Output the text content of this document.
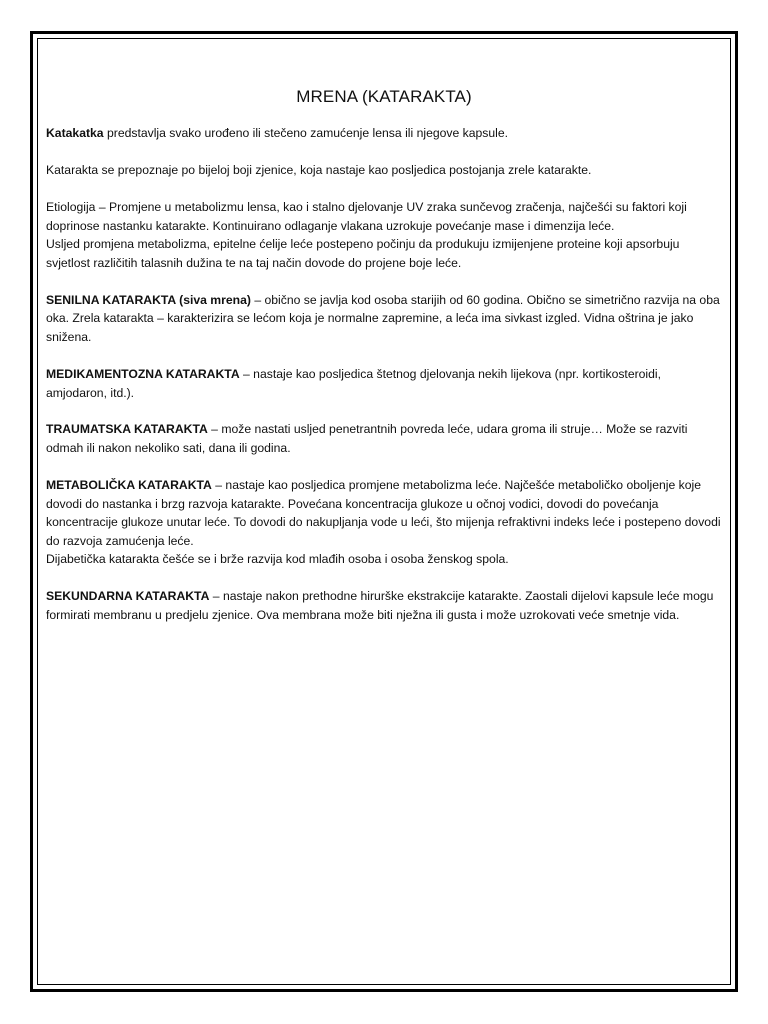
MRENA (KATARAKTA)
Katakatka predstavlja svako urođeno ili stečeno zamućenje lensa ili njegove kapsule.
Katarakta se prepoznaje po bijeloj boji zjenice, koja nastaje kao posljedica postojanja zrele katarakte.
Etiologija – Promjene u metabolizmu lensa, kao i stalno djelovanje UV zraka sunčevog zračenja, najčešći su faktori koji doprinose nastanku katarakte. Kontinuirano odlaganje vlakana uzrokuje povećanje mase i dimenzija leće.
Usljed promjena metabolizma, epitelne ćelije leće postepeno počinju da produkuju izmijenjene proteine koji apsorbuju svjetlost različitih talasnih dužina te na taj način dovode do projene boje leće.
SENILNA KATARAKTA (siva mrena) – obično se javlja kod osoba starijih od 60 godina. Obično se simetrično razvija na oba oka. Zrela katarakta – karakterizira se lećom koja je normalne zapremine, a leća ima sivkast izgled. Vidna oštrina je jako snižena.
MEDIKAMENTOZNA KATARAKTA – nastaje kao posljedica štetnog djelovanja nekih lijekova (npr. kortikosteroidi, amjodaron, itd.).
TRAUMATSKA KATARAKTA – može nastati usljed penetrantnih povreda leće, udara groma ili struje… Može se razviti odmah ili nakon nekoliko sati, dana ili godina.
METABOLIČKA KATARAKTA – nastaje kao posljedica promjene metabolizma leće. Najčešće metaboličko oboljenje koje dovodi do nastanka i brzg razvoja katarakte. Povećana koncentracija glukoze u očnoj vodici, dovodi do povećanja koncentracije glukoze unutar leće. To dovodi do nakupljanja vode u leći, što mijenja refraktivni indeks leće i postepeno dovodi do razvoja zamućenja leće.
Dijabetička katarakta češće se i brže razvija kod mlađih osoba i osoba ženskog spola.
SEKUNDARNA KATARAKTA – nastaje nakon prethodne hirurške ekstrakcije katarakte. Zaostali dijelovi kapsule leće mogu formirati membranu u predjelu zjenice. Ova membrana može biti nježna ili gusta i može uzrokovati veće smetnje vida.
